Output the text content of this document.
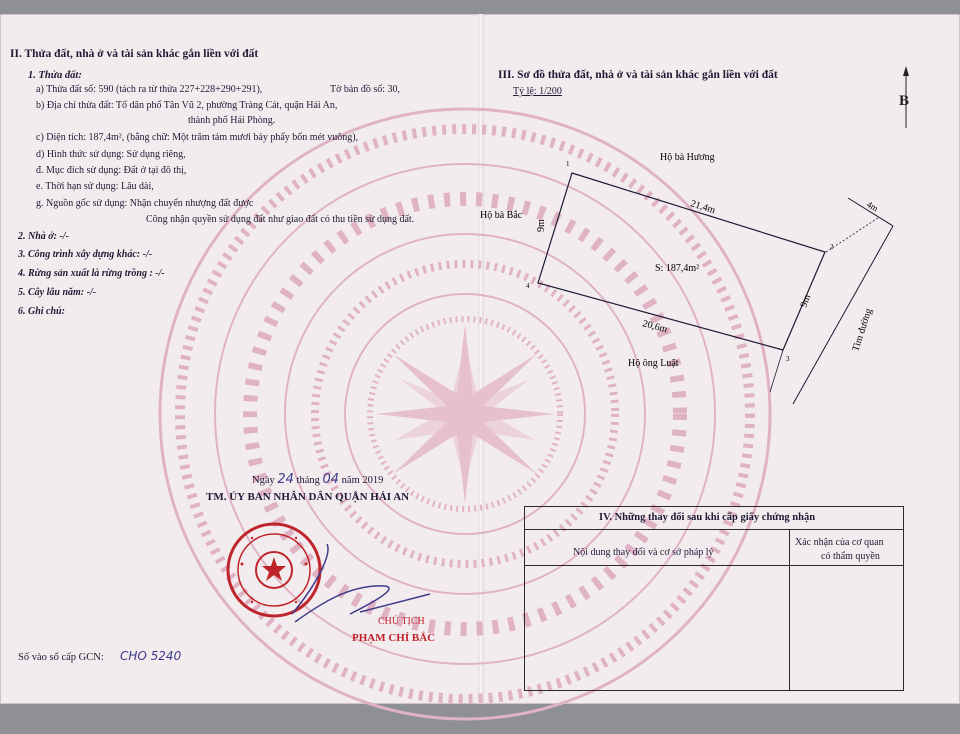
II. Thửa đất, nhà ở và tài sản khác gắn liền với đất
1. Thửa đất:
a) Thửa đất số: 590 (tách ra từ thửa 227+228+290+291),	Tờ bản đồ số: 30,
b) Địa chỉ thửa đất: Tổ dân phố Tân Vũ 2, phường Tràng Cát, quận Hải An,
thành phố Hải Phòng.
c) Diện tích: 187,4m², (bằng chữ: Một trăm tám mươi bảy phẩy bốn mét vuông),
d) Hình thức sử dụng: Sử dụng riêng,
đ. Mục đích sử dụng: Đất ở tại đô thị,
e. Thời hạn sử dụng: Lâu dài,
g. Nguồn gốc sử dụng: Nhận chuyển nhượng đất được
Công nhận quyền sử dụng đất như giao đất có thu tiền sử dụng đất.
2. Nhà ở: -/-
3. Công trình xây dựng khác: -/-
4. Rừng sản xuất là rừng trồng : -/-
5. Cây lâu năm: -/-
6. Ghi chú:
Ngày 24 tháng 04 năm 2019
TM. ỦY BAN NHÂN DÂN QUẬN HẢI AN
CHỦ TỊCH
PHẠM CHÍ BẮC
Số vào sổ cấp GCN: CHO 5240
III. Sơ đồ thửa đất, nhà ở và tài sản khác gắn liền với đất
Tỷ lệ: 1/200
B
1
2
3
4
21,4m
20,6m
9m
9m
4m
Hộ bà Hương
Hộ bà Bắc
Hộ ông Luật
S: 187,4m²
Tim đường
IV. Những thay đổi sau khi cấp giấy chứng nhận
Nội dung thay đổi và cơ sở pháp lý
Xác nhận của cơ quan
có thẩm quyền
